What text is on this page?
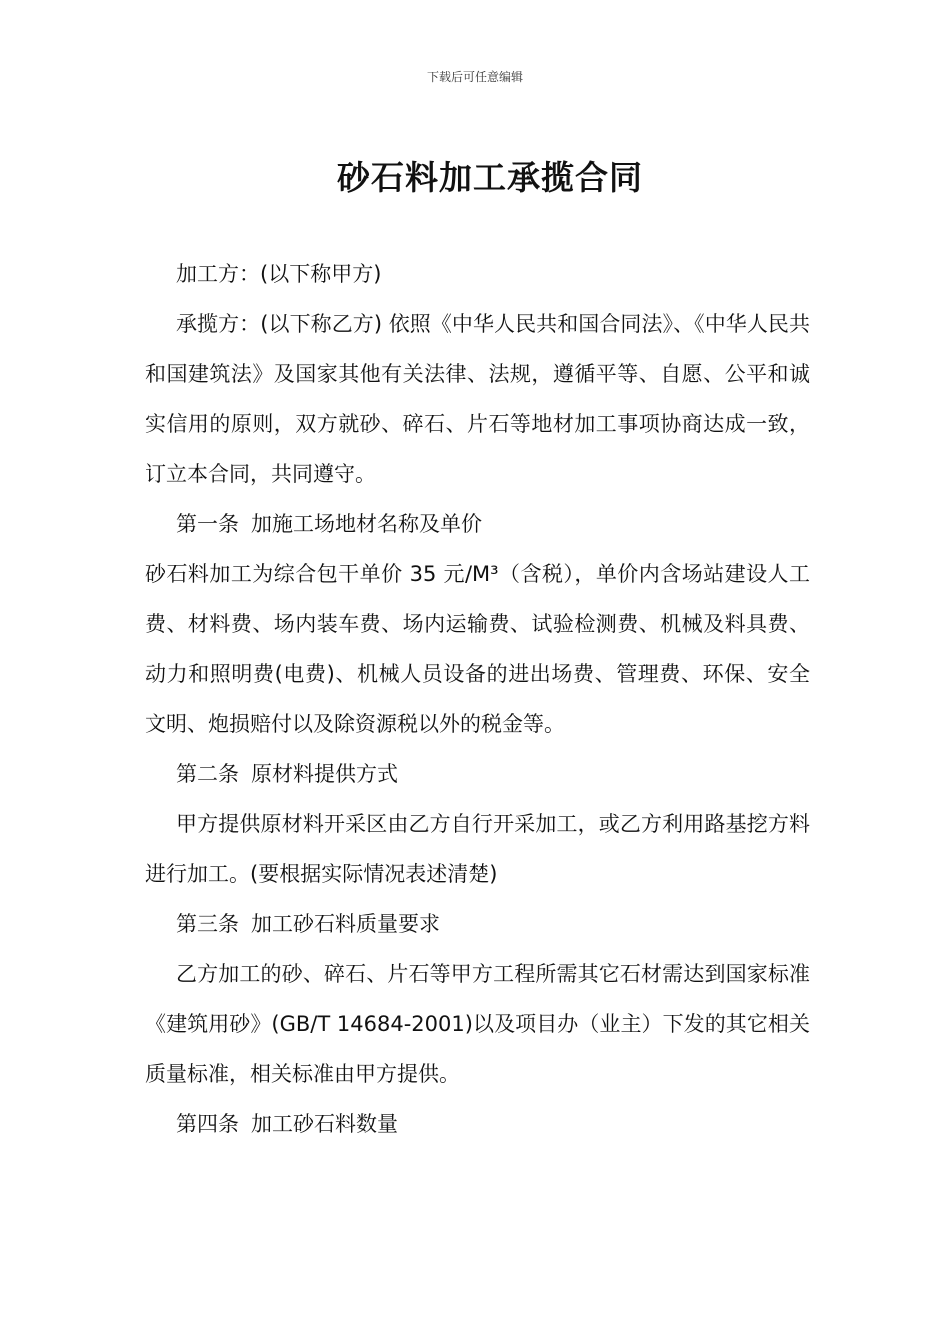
下载后可任意编辑
砂石料加工承揽合同

加工方：(以下称甲方)

承揽方：(以下称乙方) 依照《中华人民共和国合同法》、《中华人民共和国建筑法》及国家其他有关法律、法规，遵循平等、自愿、公平和诚实信用的原则，双方就砂、碎石、片石等地材加工事项协商达成一致，订立本合同，共同遵守。

第一条 加施工场地材名称及单价

砂石料加工为综合包干单价 35 元/M³（含税），单价内含场站建设人工费、材料费、场内装车费、场内运输费、试验检测费、机械及料具费、动力和照明费(电费)、机械人员设备的进出场费、管理费、环保、安全文明、炮损赔付以及除资源税以外的税金等。

第二条 原材料提供方式

甲方提供原材料开采区由乙方自行开采加工，或乙方利用路基挖方料进行加工。(要根据实际情况表述清楚)

第三条 加工砂石料质量要求

乙方加工的砂、碎石、片石等甲方工程所需其它石材需达到国家标准《建筑用砂》(GB/T 14684-2001)以及项目办（业主）下发的其它相关质量标准，相关标准由甲方提供。

第四条 加工砂石料数量
